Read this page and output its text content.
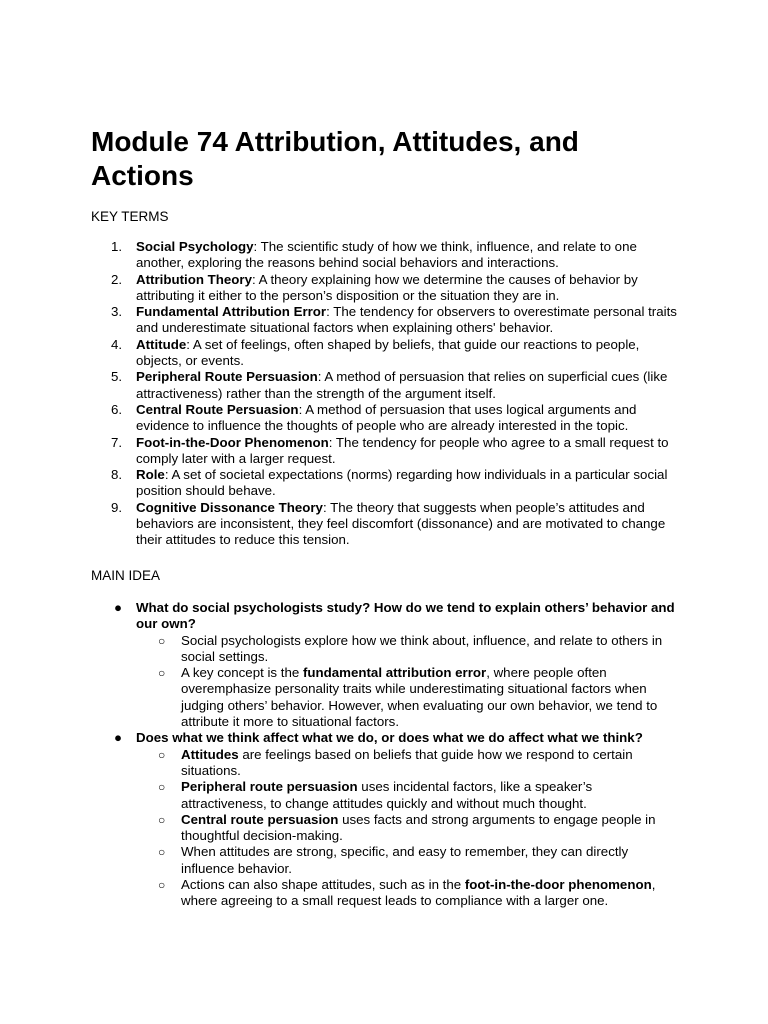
Module 74 Attribution, Attitudes, and Actions

KEY TERMS

1. Social Psychology: The scientific study of how we think, influence, and relate to one another, exploring the reasons behind social behaviors and interactions.
2. Attribution Theory: A theory explaining how we determine the causes of behavior by attributing it either to the person’s disposition or the situation they are in.
3. Fundamental Attribution Error: The tendency for observers to overestimate personal traits and underestimate situational factors when explaining others' behavior.
4. Attitude: A set of feelings, often shaped by beliefs, that guide our reactions to people, objects, or events.
5. Peripheral Route Persuasion: A method of persuasion that relies on superficial cues (like attractiveness) rather than the strength of the argument itself.
6. Central Route Persuasion: A method of persuasion that uses logical arguments and evidence to influence the thoughts of people who are already interested in the topic.
7. Foot-in-the-Door Phenomenon: The tendency for people who agree to a small request to comply later with a larger request.
8. Role: A set of societal expectations (norms) regarding how individuals in a particular social position should behave.
9. Cognitive Dissonance Theory: The theory that suggests when people’s attitudes and behaviors are inconsistent, they feel discomfort (dissonance) and are motivated to change their attitudes to reduce this tension.

MAIN IDEA

● What do social psychologists study? How do we tend to explain others’ behavior and our own?
○ Social psychologists explore how we think about, influence, and relate to others in social settings.
○ A key concept is the fundamental attribution error, where people often overemphasize personality traits while underestimating situational factors when judging others’ behavior. However, when evaluating our own behavior, we tend to attribute it more to situational factors.
● Does what we think affect what we do, or does what we do affect what we think?
○ Attitudes are feelings based on beliefs that guide how we respond to certain situations.
○ Peripheral route persuasion uses incidental factors, like a speaker’s attractiveness, to change attitudes quickly and without much thought.
○ Central route persuasion uses facts and strong arguments to engage people in thoughtful decision-making.
○ When attitudes are strong, specific, and easy to remember, they can directly influence behavior.
○ Actions can also shape attitudes, such as in the foot-in-the-door phenomenon, where agreeing to a small request leads to compliance with a larger one.
